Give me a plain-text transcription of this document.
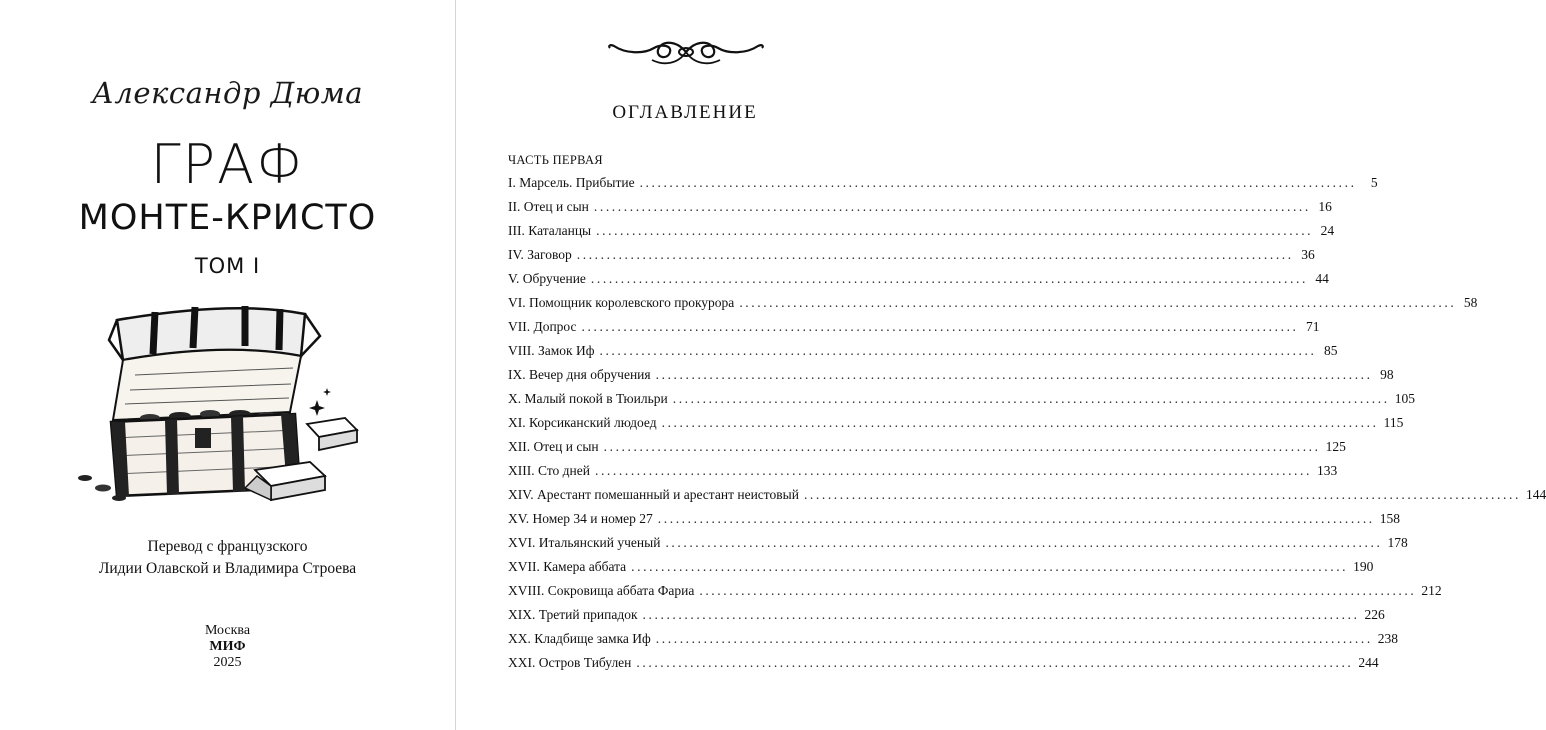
Александр Дюма
ГРАФ
МОНТЕ-КРИСТО
ТОМ I
Перевод с французского
Лидии Олавской и Владимира Строева
Москва
МИФ
2025
ОГЛАВЛЕНИЕ
ЧАСТЬ ПЕРВАЯ
I. Марсель. Прибытие ........................................................................................................................	5
II. Отец и сын ........................................................................................................................ 16
III. Каталанцы ........................................................................................................................ 24
IV. Заговор ........................................................................................................................ 36
V. Обручение ........................................................................................................................ 44
VI. Помощник королевского прокурора ........................................................................................................................ 58
VII. Допрос ........................................................................................................................ 71
VIII. Замок Иф ........................................................................................................................ 85
IX. Вечер дня обручения ........................................................................................................................ 98
X. Малый покой в Тюильри ........................................................................................................................ 105
XI. Корсиканский людоед ........................................................................................................................ 115
XII. Отец и сын ........................................................................................................................ 125
XIII. Сто дней ........................................................................................................................ 133
XIV. Арестант помешанный и арестант неистовый ........................................................................................................................ 144
XV. Номер 34 и номер 27 ........................................................................................................................ 158
XVI. Итальянский ученый ........................................................................................................................ 178
XVII. Камера аббата ........................................................................................................................ 190
XVIII. Сокровища аббата Фариа ........................................................................................................................ 212
XIX. Третий припадок ........................................................................................................................ 226
XX. Кладбище замка Иф ........................................................................................................................ 238
XXI. Остров Тибулен ........................................................................................................................ 244
